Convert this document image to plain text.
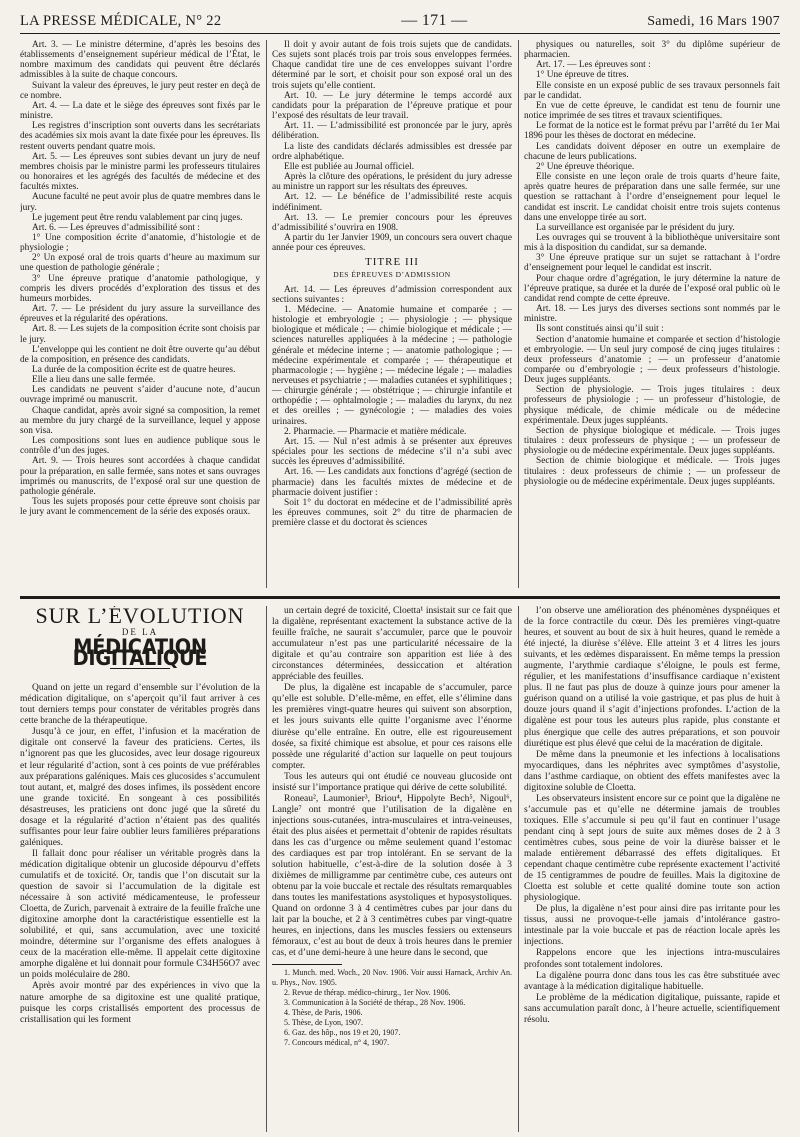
LA PRESSE MÉDICALE, N° 22	— 171 —	Samedi, 16 Mars 1907

Art. 3. — Le ministre détermine, d’après les besoins des établissements d’enseignement supérieur médical de l’État, le nombre maximum des candidats qui peuvent être déclarés admissibles à la suite de chaque concours.

Suivant la valeur des épreuves, le jury peut rester en deçà de ce nombre.

Art. 4. — La date et le siège des épreuves sont fixés par le ministre.

Les registres d’inscription sont ouverts dans les secrétariats des académies six mois avant la date fixée pour les épreuves. Ils restent ouverts pendant quatre mois.

Art. 5. — Les épreuves sont subies devant un jury de neuf membres choisis par le ministre parmi les professeurs titulaires ou honoraires et les agrégés des facultés de médecine et des facultés mixtes.

Aucune faculté ne peut avoir plus de quatre membres dans le jury.

Le jugement peut être rendu valablement par cinq juges.

Art. 6. — Les épreuves d’admissibilité sont :

1° Une composition écrite d’anatomie, d’histologie et de physiologie ;

2° Un exposé oral de trois quarts d’heure au maximum sur une question de pathologie générale ;

3° Une épreuve pratique d’anatomie pathologique, y compris les divers procédés d’exploration des tissus et des humeurs morbides.

Art. 7. — Le président du jury assure la surveillance des épreuves et la régularité des opérations.

Art. 8. — Les sujets de la composition écrite sont choisis par le jury.

L’enveloppe qui les contient ne doit être ouverte qu’au début de la composition, en présence des candidats.

La durée de la composition écrite est de quatre heures.

Elle a lieu dans une salle fermée.

Les candidats ne peuvent s’aider d’aucune note, d’aucun ouvrage imprimé ou manuscrit.

Chaque candidat, après avoir signé sa composition, la remet au membre du jury chargé de la surveillance, lequel y appose son visa.

Les compositions sont lues en audience publique sous le contrôle d’un des juges.

Art. 9. — Trois heures sont accordées à chaque candidat pour la préparation, en salle fermée, sans notes et sans ouvrages imprimés ou manuscrits, de l’exposé oral sur une question de pathologie générale.

Tous les sujets proposés pour cette épreuve sont choisis par le jury avant le commencement de la série des exposés oraux.

Il doit y avoir autant de fois trois sujets que de candidats. Ces sujets sont placés trois par trois sous enveloppes fermées. Chaque candidat tire une de ces enveloppes suivant l’ordre déterminé par le sort, et choisit pour son exposé oral un des trois sujets qu’elle contient.

Art. 10. — Le jury détermine le temps accordé aux candidats pour la préparation de l’épreuve pratique et pour l’exposé des résultats de leur travail.

Art. 11. — L’admissibilité est prononcée par le jury, après délibération.

La liste des candidats déclarés admissibles est dressée par ordre alphabétique.

Elle est publiée au Journal officiel.

Après la clôture des opérations, le président du jury adresse au ministre un rapport sur les résultats des épreuves.

Art. 12. — Le bénéfice de l’admissibilité reste acquis indéfiniment.

Art. 13. — Le premier concours pour les épreuves d’admissibilité s’ouvrira en 1908.

A partir du 1er Janvier 1909, un concours sera ouvert chaque année pour ces épreuves.

TITRE III
DES ÉPREUVES D’ADMISSION

Art. 14. — Les épreuves d’admission correspondent aux sections suivantes :

1. Médecine. — Anatomie humaine et comparée ; — histologie et embryologie ; — physiologie ; — physique biologique et médicale ; — chimie biologique et médicale ; — sciences naturelles appliquées à la médecine ; — pathologie générale et médecine interne ; — anatomie pathologique ; — médecine expérimentale et comparée ; — thérapeutique et pharmacologie ; — hygiène ; — médecine légale ; — maladies nerveuses et psychiatrie ; — maladies cutanées et syphilitiques ; — chirurgie générale ; — obstétrique ; — chirurgie infantile et orthopédie ; — ophtalmologie ; — maladies du larynx, du nez et des oreilles ; — gynécologie ; — maladies des voies urinaires.

2. Pharmacie. — Pharmacie et matière médicale.

Art. 15. — Nul n’est admis à se présenter aux épreuves spéciales pour les sections de médecine s’il n’a subi avec succès les épreuves d’admissibilité.

Art. 16. — Les candidats aux fonctions d’agrégé (section de pharmacie) dans les facultés mixtes de médecine et de pharmacie doivent justifier :

Soit 1° du doctorat en médecine et de l’admissibilité après les épreuves communes, soit 2° du titre de pharmacien de première classe et du doctorat ès sciences

physiques ou naturelles, soit 3° du diplôme supérieur de pharmacien.

Art. 17. — Les épreuves sont :

1° Une épreuve de titres.

Elle consiste en un exposé public de ses travaux personnels fait par le candidat.

En vue de cette épreuve, le candidat est tenu de fournir une notice imprimée de ses titres et travaux scientifiques.

Le format de la notice est le format prévu par l’arrêté du 1er Mai 1896 pour les thèses de doctorat en médecine.

Les candidats doivent déposer en outre un exemplaire de chacune de leurs publications.

2° Une épreuve théorique.

Elle consiste en une leçon orale de trois quarts d’heure faite, après quatre heures de préparation dans une salle fermée, sur une question se rattachant à l’ordre d’enseignement pour lequel le candidat est inscrit. Le candidat choisit entre trois sujets contenus dans une enveloppe tirée au sort.

La surveillance est organisée par le président du jury.

Les ouvrages qui se trouvent à la bibliothèque universitaire sont mis à la disposition du candidat, sur sa demande.

3° Une épreuve pratique sur un sujet se rattachant à l’ordre d’enseignement pour lequel le candidat est inscrit.

Pour chaque ordre d’agrégation, le jury détermine la nature de l’épreuve pratique, sa durée et la durée de l’exposé oral public où le candidat rend compte de cette épreuve.

Art. 18. — Les jurys des diverses sections sont nommés par le ministre.

Ils sont constitués ainsi qu’il suit :

Section d’anatomie humaine et comparée et section d’histologie et embryologie. — Un seul jury composé de cinq juges titulaires : deux professeurs d’anatomie ; — un professeur d’anatomie comparée ou d’embryologie ; — deux professeurs d’histologie. Deux juges suppléants.

Section de physiologie. — Trois juges titulaires : deux professeurs de physiologie ; — un professeur d’histologie, de physique médicale, de chimie médicale ou de médecine expérimentale. Deux juges suppléants.

Section de physique biologique et médicale. — Trois juges titulaires : deux professeurs de physique ; — un professeur de physiologie ou de médecine expérimentale. Deux juges suppléants.

Section de chimie biologique et médicale. — Trois juges titulaires : deux professeurs de chimie ; — un professeur de physiologie ou de médecine expérimentale. Deux juges suppléants.

SUR L’ÉVOLUTION
DE LA
MÉDICATION DIGITALIQUE

Quand on jette un regard d’ensemble sur l’évolution de la médication digitalique, on s’aperçoit qu’il faut arriver à ces tout derniers temps pour constater de véritables progrès dans cette branche de la thérapeutique.

Jusqu’à ce jour, en effet, l’infusion et la macération de digitale ont conservé la faveur des praticiens. Certes, ils n’ignorent pas que les glucosides, avec leur dosage rigoureux et leur régularité d’action, sont à ces points de vue préférables aux préparations galéniques. Mais ces glucosides s’accumulent tout autant, et, malgré des doses infimes, ils possèdent encore une grande toxicité. En songeant à ces possibilités désastreuses, les praticiens ont donc jugé que la sûreté du dosage et la régularité d’action n’étaient pas des qualités suffisantes pour leur faire oublier leurs familières préparations galéniques.

Il fallait donc pour réaliser un véritable progrès dans la médication digitalique obtenir un glucoside dépourvu d’effets cumulatifs et de toxicité. Or, tandis que l’on discutait sur la question de savoir si l’accumulation de la digitale est nécessaire à son activité médicamenteuse, le professeur Cloetta, de Zurich, parvenait à extraire de la feuille fraîche une digitoxine amorphe dont la caractéristique essentielle est la solubilité, et qui, sans accumulation, avec une toxicité moindre, détermine sur l’organisme des effets analogues à ceux de la macération elle-même. Il appelait cette digitoxine amorphe digalène et lui donnait pour formule C34H56O7 avec un poids moléculaire de 280.

Après avoir montré par des expériences in vivo que la nature amorphe de sa digitoxine est une qualité pratique, puisque les corps cristallisés emportent des processus de cristallisation qui les forment

un certain degré de toxicité, Cloetta¹ insistait sur ce fait que la digalène, représentant exactement la substance active de la feuille fraîche, ne saurait s’accumuler, parce que le pouvoir accumulateur n’est pas une particularité nécessaire de la digitale et qu’au contraire son apparition est liée à des circonstances déterminées, dessiccation et altération appréciable des feuilles.

De plus, la digalène est incapable de s’accumuler, parce qu’elle est soluble. D’elle-même, en effet, elle s’élimine dans les premières vingt-quatre heures qui suivent son absorption, et les jours suivants elle quitte l’organisme avec l’énorme diurèse qu’elle entraîne. En outre, elle est rigoureusement dosée, sa fixité chimique est absolue, et pour ces raisons elle possède une régularité d’action sur laquelle on peut toujours compter.

Tous les auteurs qui ont étudié ce nouveau glucoside ont insisté sur l’importance pratique qui dérive de cette solubilité.

Roneau², Laumonier³, Briou⁴, Hippolyte Bech⁵, Nigoul⁶, Langle⁷ ont montré que l’utilisation de la digalène en injections sous-cutanées, intra-musculaires et intra-veineuses, était des plus aisées et permettait d’obtenir de rapides résultats dans les cas d’urgence ou même seulement quand l’estomac des cardiaques est par trop intolérant. En se servant de la solution habituelle, c’est-à-dire de la solution dosée à 3 dixièmes de milligramme par centimètre cube, ces auteurs ont obtenu par la voie buccale et rectale des résultats remarquables dans toutes les manifestations asystoliques et hyposystoliques. Quand on ordonne 3 à 4 centimètres cubes par jour dans du lait par la bouche, et 2 à 3 centimètres cubes par vingt-quatre heures, en injections, dans les muscles fessiers ou extenseurs fémoraux, c’est au bout de deux à trois heures dans le premier cas, et d’une demi-heure à une heure dans le second, que

1. Munch. med. Woch., 20 Nov. 1906. Voir aussi Harnack, Archiv An. u. Phys., Nov. 1905.

2. Revue de thérap. médico-chirurg., 1er Nov. 1906.

3. Communication à la Société de thérap., 28 Nov. 1906.

4. Thèse, de Paris, 1906.

5. Thèse, de Lyon, 1907.

6. Gaz. des hôp., nos 19 et 20, 1907.

7. Concours médical, n° 4, 1907.

l’on observe une amélioration des phénomènes dyspnéiques et de la force contractile du cœur. Dès les premières vingt-quatre heures, et souvent au bout de six à huit heures, quand le remède a été injecté, la diurèse s’élève. Elle atteint 3 et 4 litres les jours suivants, et les œdèmes disparaissent. En même temps la pression augmente, l’arythmie cardiaque s’éloigne, le pouls est ferme, régulier, et les manifestations d’insuffisance cardiaque n’existent plus. Il ne faut pas plus de douze à quinze jours pour amener la guérison quand on a utilisé la voie gastrique, et pas plus de huit à douze jours quand il s’agit d’injections profondes. L’action de la digalène est pour tous les auteurs plus rapide, plus constante et plus énergique que celle des autres préparations, et son pouvoir diurétique est plus élevé que celui de la macération de digitale.

De même dans la pneumonie et les infections à localisations myocardiques, dans les néphrites avec symptômes d’asystolie, dans l’asthme cardiaque, on obtient des effets manifestes avec la digitoxine soluble de Cloetta.

Les observateurs insistent encore sur ce point que la digalène ne s’accumule pas et qu’elle ne détermine jamais de troubles toxiques. Elle s’accumule si peu qu’il faut en continuer l’usage pendant cinq à sept jours de suite aux mêmes doses de 2 à 3 centimètres cubes, sous peine de voir la diurèse baisser et le malade entièrement débarrassé des effets digitaliques. Et cependant chaque centimètre cube représente exactement l’activité de 15 centigrammes de poudre de feuilles. Mais la digitoxine de Cloetta est soluble et cette qualité domine toute son action physiologique.

De plus, la digalène n’est pour ainsi dire pas irritante pour les tissus, aussi ne provoque-t-elle jamais d’intolérance gastro-intestinale par la voie buccale et pas de réaction locale après les injections.

Rappelons encore que les injections intra-musculaires profondes sont totalement indolores.

La digalène pourra donc dans tous les cas être substituée avec avantage à la médication digitalique habituelle.

Le problème de la médication digitalique, puissante, rapide et sans accumulation paraît donc, à l’heure actuelle, scientifiquement résolu.
